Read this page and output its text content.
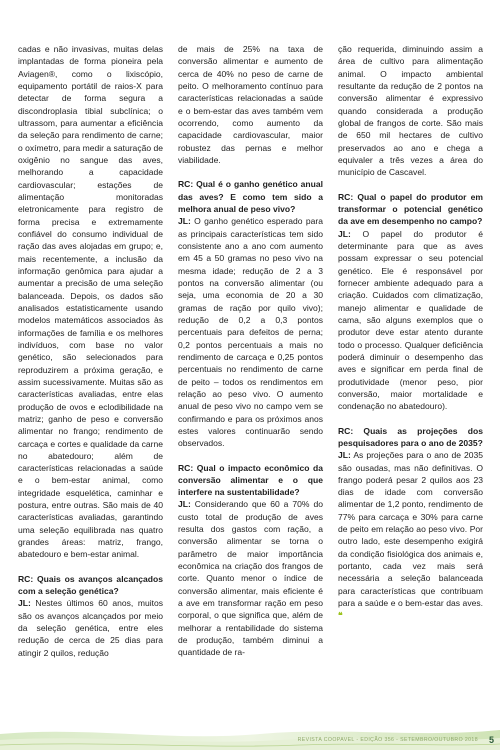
cadas e não invasivas, muitas delas implantadas de forma pioneira pela Aviagen®, como o lixiscópio, equipamento portátil de raios-X para detectar de forma segura a discondroplasia tibial subclínica; o ultrassom, para aumentar a eficiência da seleção para rendimento de carne; o oxímetro, para medir a saturação de oxigênio no sangue das aves, melhorando a capacidade cardiovascular; estações de alimentação monitoradas eletronicamente para registro de forma precisa e extremamente confiável do consumo individual de ração das aves alojadas em grupo; e, mais recentemente, a inclusão da informação genômica para ajudar a aumentar a precisão de uma seleção balanceada. Depois, os dados são analisados estatisticamente usando modelos matemáticos associados às informações de família e os melhores indivíduos, com base no valor genético, são selecionados para reproduzirem a próxima geração, e assim sucessivamente. Muitas são as características avaliadas, entre elas produção de ovos e eclodibilidade na matriz; ganho de peso e conversão alimentar no frango; rendimento de carcaça e cortes e qualidade da carne no abatedouro; além de características relacionadas a saúde e o bem-estar animal, como integridade esquelética, caminhar e postura, entre outras. São mais de 40 características avaliadas, garantindo uma seleção equilibrada nas quatro grandes áreas: matriz, frango, abatedouro e bem-estar animal.

RC: Quais os avanços alcançados com a seleção genética?

JL: Nestes últimos 60 anos, muitos são os avanços alcançados por meio da seleção genética, entre eles redução de cerca de 25 dias para atingir 2 quilos, redução

de mais de 25% na taxa de conversão alimentar e aumento de cerca de 40% no peso de carne de peito. O melhoramento contínuo para características relacionadas a saúde e o bem-estar das aves também vem ocorrendo, como aumento da capacidade cardiovascular, maior robustez das pernas e melhor viabilidade.

RC: Qual é o ganho genético anual das aves? E como tem sido a melhora anual de peso vivo?

JL: O ganho genético esperado para as principais características tem sido consistente ano a ano com aumento em 45 a 50 gramas no peso vivo na mesma idade; redução de 2 a 3 pontos na conversão alimentar (ou seja, uma economia de 20 a 30 gramas de ração por quilo vivo); redução de 0,2 a 0,3 pontos percentuais para defeitos de perna; 0,2 pontos percentuais a mais no rendimento de carcaça e 0,25 pontos percentuais no rendimento de carne de peito – todos os rendimentos em relação ao peso vivo. O aumento anual de peso vivo no campo vem se confirmando e para os próximos anos estes valores continuarão sendo observados.

RC: Qual o impacto econômico da conversão alimentar e o que interfere na sustentabilidade?

JL: Considerando que 60 a 70% do custo total de produção de aves resulta dos gastos com ração, a conversão alimentar se torna o parâmetro de maior importância econômica na criação dos frangos de corte. Quanto menor o índice de conversão alimentar, mais eficiente é a ave em transformar ração em peso corporal, o que significa que, além de melhorar a rentabilidade do sistema de produção, também diminui a quantidade de ra-

ção requerida, diminuindo assim a área de cultivo para alimentação animal. O impacto ambiental resultante da redução de 2 pontos na conversão alimentar é expressivo quando considerada a produção global de frangos de corte. São mais de 650 mil hectares de cultivo preservados ao ano e chega a equivaler a três vezes a área do município de Cascavel.

RC: Qual o papel do produtor em transformar o potencial genético da ave em desempenho no campo?

JL: O papel do produtor é determinante para que as aves possam expressar o seu potencial genético. Ele é responsável por fornecer ambiente adequado para a criação. Cuidados com climatização, manejo alimentar e qualidade de cama, são alguns exemplos que o produtor deve estar atento durante todo o processo. Qualquer deficiência poderá diminuir o desempenho das aves e significar em perda final de produtividade (menor peso, pior conversão, maior mortalidade e condenação no abatedouro).

RC: Quais as projeções dos pesquisadores para o ano de 2035?

JL: As projeções para o ano de 2035 são ousadas, mas não definitivas. O frango poderá pesar 2 quilos aos 23 dias de idade com conversão alimentar de 1,2 ponto, rendimento de 77% para carcaça e 30% para carne de peito em relação ao peso vivo. Por outro lado, este desempenho exigirá da condição fisiológica dos animais e, portanto, cada vez mais será necessária a seleção balanceada para características que contribuam para a saúde e o bem-estar das aves. ❝

REVISTA COOPAVEL - EDIÇÃO 356 - SETEMBRO/OUTUBRO 2018 5
